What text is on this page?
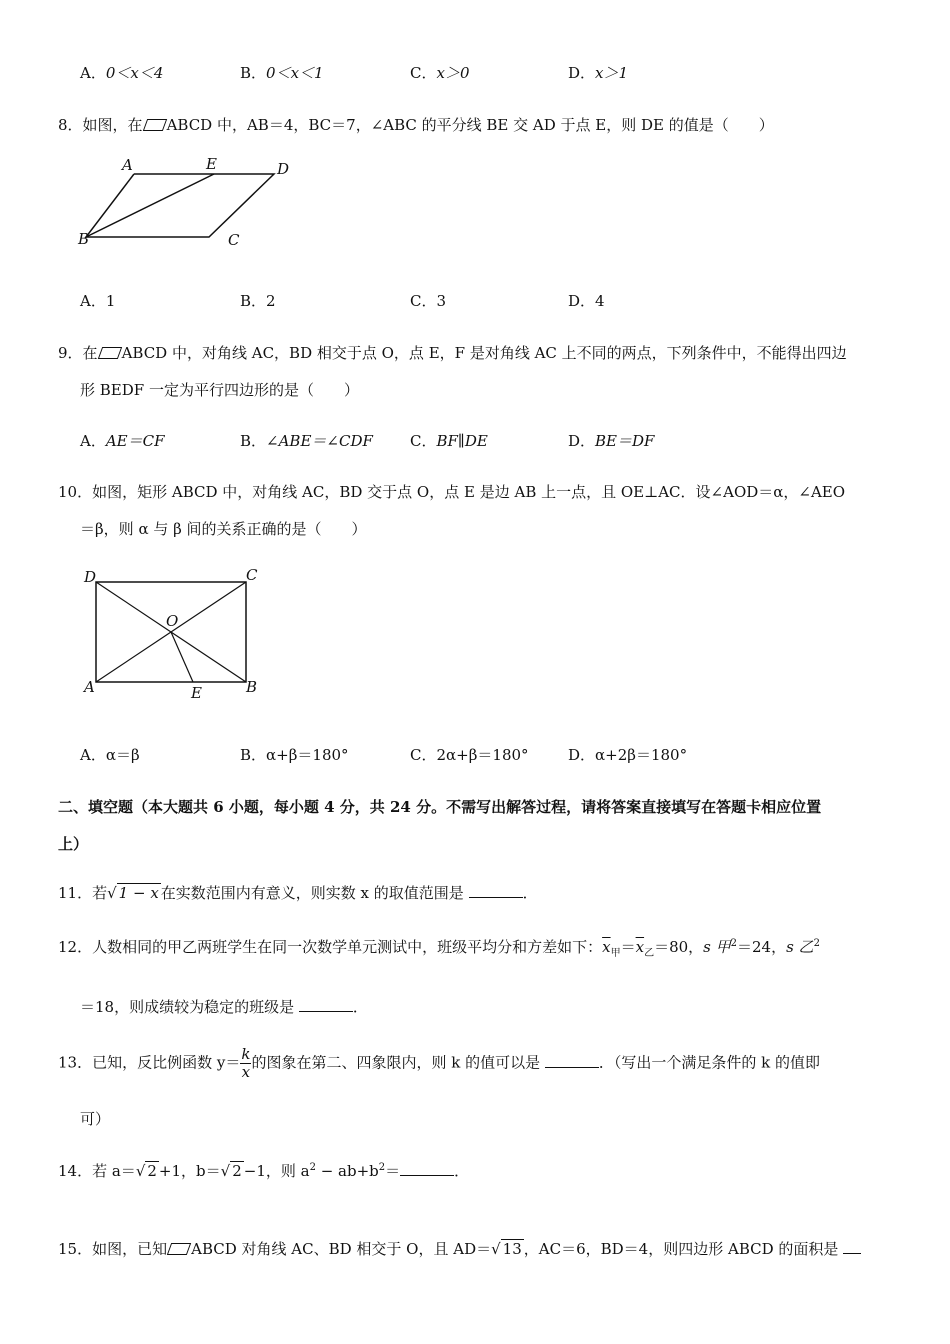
A．0＜x＜4	B．0＜x＜1	C．x＞0	D．x＞1
8．如图，在 ABCD 中，AB＝4，BC＝7，∠ABC 的平分线 BE 交 AD 于点 E，则 DE 的值是（　　）
A	E	D
B	C
A．1	B．2	C．3	D．4
9．在 ABCD 中，对角线 AC，BD 相交于点 O，点 E，F 是对角线 AC 上不同的两点，下列条件中，不能得出四边
形 BEDF 一定为平行四边形的是（　　）
A．AE＝CF	B．∠ABE＝∠CDF C．BF∥DE	D．BE＝DF
10．如图，矩形 ABCD 中，对角线 AC，BD 交于点 O，点 E 是边 AB 上一点，且 OE⊥AC．设∠AOD＝α，∠AEO
＝β，则 α 与 β 间的关系正确的是（　　）
D	C
O
A	B
E
A．α＝β	B．α+β＝180°	C．2α+β＝180°	D．α+2β＝180°
二、填空题（本大题共 6 小题，每小题 4 分，共 24 分。不需写出解答过程，请将答案直接填写在答题卡相应位置
上）
11．若√ 1 − x 在实数范围内有意义，则实数 x 的取值范围是	．
12．人数相同的甲乙两班学生在同一次数学单元测试中，班级平均分和方差如下：$\overline{x}_甲=\overline{x}_乙=80$，s 甲$^2$＝24，s 乙$^2$
＝18，则成绩较为稳定的班级是	．
13．已知，反比例函数 $y= \frac{k}{x}$ 的图象在第二、四象限内，则 k 的值可以是	．（写出一个满足条件的 k 的值即
可）
14．若 a＝√ 2 +1，b＝√ 2 −1，则 $a^2 - ab+b^2=$	．
15．如图，已知 ABCD 对角线 AC、BD 相交于 O，且 AD＝√ 13 ，AC＝6，BD＝4，则四边形 ABCD 的面积是
